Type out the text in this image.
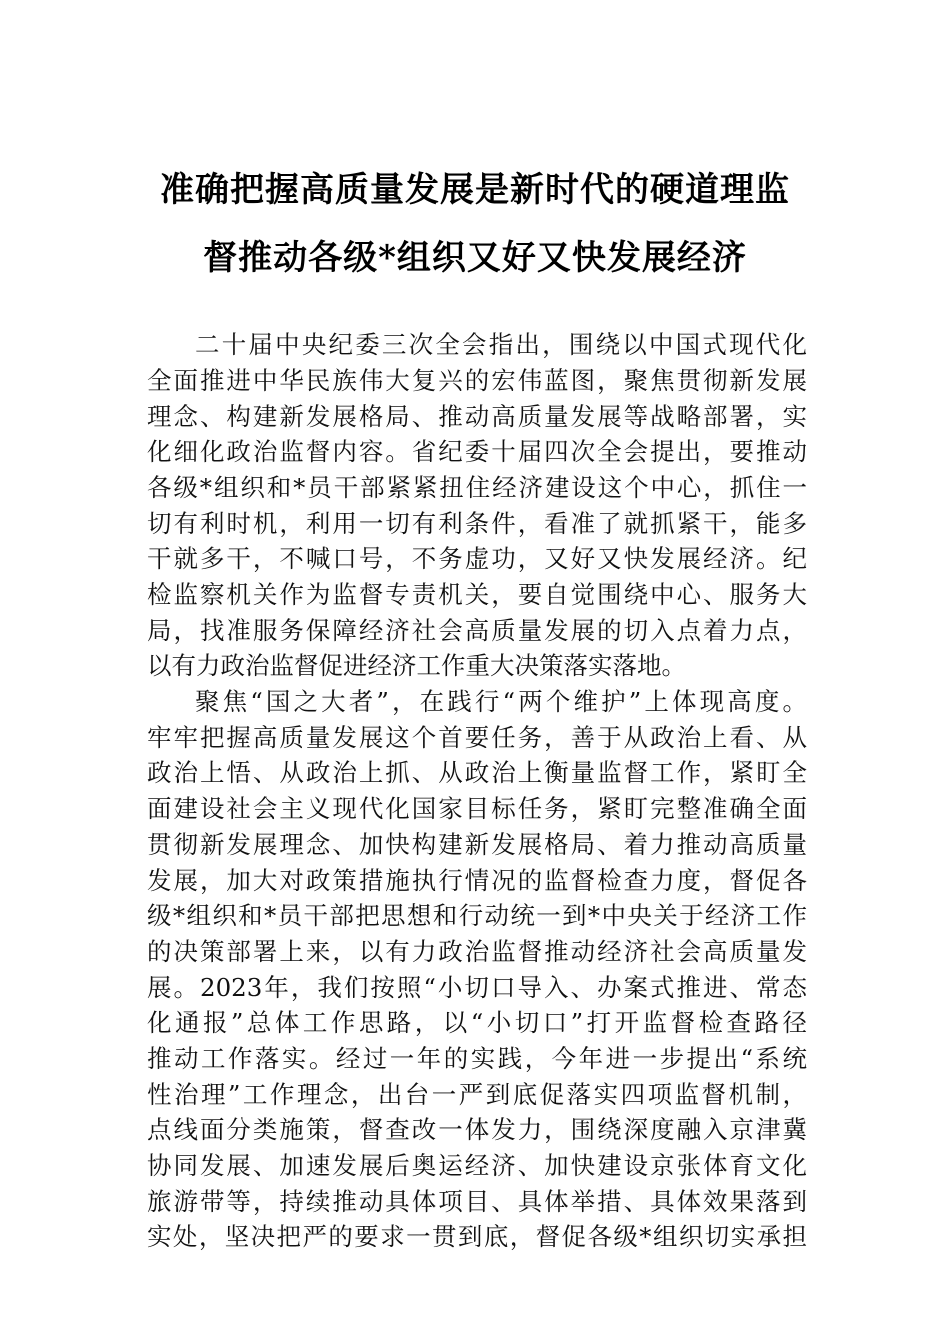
准确把握高质量发展是新时代的硬道理监
督推动各级*组织又好又快发展经济
二十届中央纪委三次全会指出，围绕以中国式现代化
全面推进中华民族伟大复兴的宏伟蓝图，聚焦贯彻新发展
理念、构建新发展格局、推动高质量发展等战略部署，实
化细化政治监督内容。省纪委十届四次全会提出，要推动
各级*组织和*员干部紧紧扭住经济建设这个中心，抓住一
切有利时机，利用一切有利条件，看准了就抓紧干，能多
干就多干，不喊口号，不务虚功，又好又快发展经济。纪
检监察机关作为监督专责机关，要自觉围绕中心、服务大
局，找准服务保障经济社会高质量发展的切入点着力点，
以有力政治监督促进经济工作重大决策落实落地。
聚焦“国之大者”，在践行“两个维护”上体现高度。
牢牢把握高质量发展这个首要任务，善于从政治上看、从
政治上悟、从政治上抓、从政治上衡量监督工作，紧盯全
面建设社会主义现代化国家目标任务，紧盯完整准确全面
贯彻新发展理念、加快构建新发展格局、着力推动高质量
发展，加大对政策措施执行情况的监督检查力度，督促各
级*组织和*员干部把思想和行动统一到*中央关于经济工作
的决策部署上来，以有力政治监督推动经济社会高质量发
展。2023年，我们按照“小切口导入、办案式推进、常态
化通报”总体工作思路，以“小切口”打开监督检查路径
推动工作落实。经过一年的实践，今年进一步提出“系统
性治理”工作理念，出台一严到底促落实四项监督机制，
点线面分类施策，督查改一体发力，围绕深度融入京津冀
协同发展、加速发展后奥运经济、加快建设京张体育文化
旅游带等，持续推动具体项目、具体举措、具体效果落到
实处，坚决把严的要求一贯到底，督促各级*组织切实承担
